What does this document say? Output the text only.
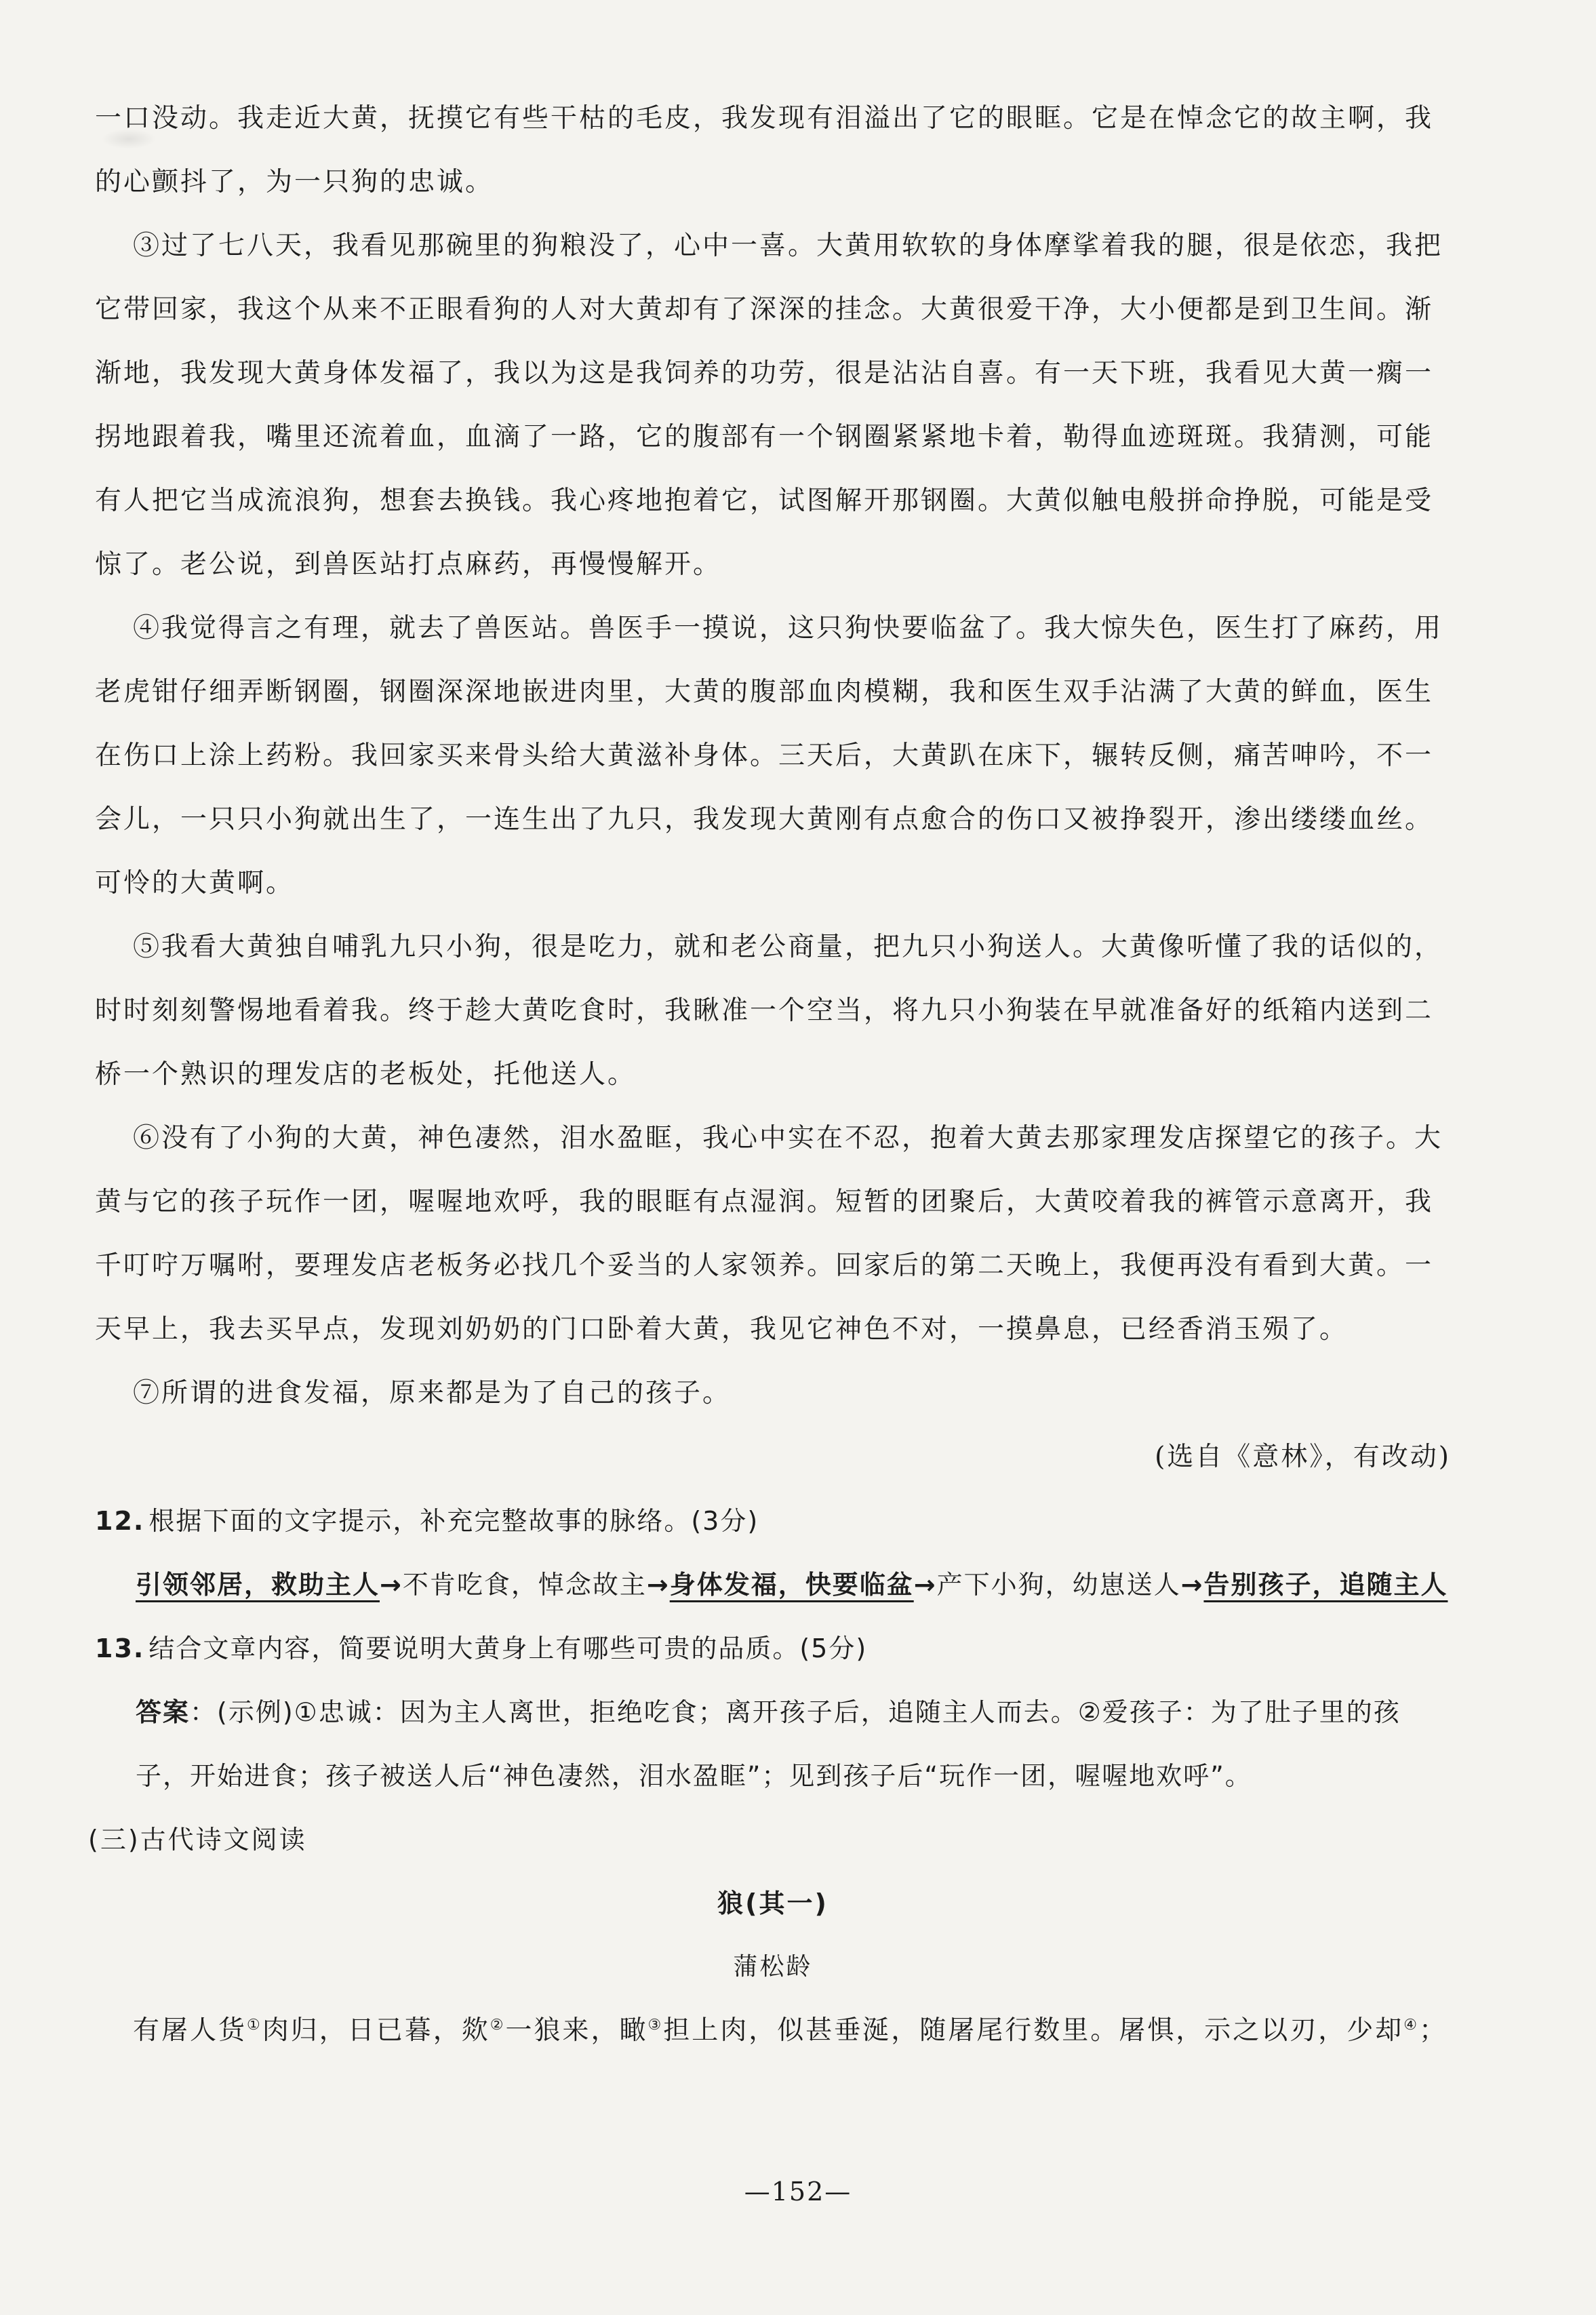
一口没动。我走近大黄，抚摸它有些干枯的毛皮，我发现有泪溢出了它的眼眶。它是在悼念它的故主啊，我的心颤抖了，为一只狗的忠诚。

③过了七八天，我看见那碗里的狗粮没了，心中一喜。大黄用软软的身体摩挲着我的腿，很是依恋，我把它带回家，我这个从来不正眼看狗的人对大黄却有了深深的挂念。大黄很爱干净，大小便都是到卫生间。渐渐地，我发现大黄身体发福了，我以为这是我饲养的功劳，很是沾沾自喜。有一天下班，我看见大黄一瘸一拐地跟着我，嘴里还流着血，血滴了一路，它的腹部有一个钢圈紧紧地卡着，勒得血迹斑斑。我猜测，可能有人把它当成流浪狗，想套去换钱。我心疼地抱着它，试图解开那钢圈。大黄似触电般拼命挣脱，可能是受惊了。老公说，到兽医站打点麻药，再慢慢解开。

④我觉得言之有理，就去了兽医站。兽医手一摸说，这只狗快要临盆了。我大惊失色，医生打了麻药，用老虎钳仔细弄断钢圈，钢圈深深地嵌进肉里，大黄的腹部血肉模糊，我和医生双手沾满了大黄的鲜血，医生在伤口上涂上药粉。我回家买来骨头给大黄滋补身体。三天后，大黄趴在床下，辗转反侧，痛苦呻吟，不一会儿，一只只小狗就出生了，一连生出了九只，我发现大黄刚有点愈合的伤口又被挣裂开，渗出缕缕血丝。可怜的大黄啊。

⑤我看大黄独自哺乳九只小狗，很是吃力，就和老公商量，把九只小狗送人。大黄像听懂了我的话似的，时时刻刻警惕地看着我。终于趁大黄吃食时，我瞅准一个空当，将九只小狗装在早就准备好的纸箱内送到二桥一个熟识的理发店的老板处，托他送人。

⑥没有了小狗的大黄，神色凄然，泪水盈眶，我心中实在不忍，抱着大黄去那家理发店探望它的孩子。大黄与它的孩子玩作一团，喔喔地欢呼，我的眼眶有点湿润。短暂的团聚后，大黄咬着我的裤管示意离开，我千叮咛万嘱咐，要理发店老板务必找几个妥当的人家领养。回家后的第二天晚上，我便再没有看到大黄。一天早上，我去买早点，发现刘奶奶的门口卧着大黄，我见它神色不对，一摸鼻息，已经香消玉殒了。

⑦所谓的进食发福，原来都是为了自己的孩子。

(选自《意林》，有改动)

12. 根据下面的文字提示，补充完整故事的脉络。(3分)

引领邻居，救助主人→不肯吃食，悼念故主→身体发福，快要临盆→产下小狗，幼崽送人→告别孩子，追随主人

13. 结合文章内容，简要说明大黄身上有哪些可贵的品质。(5分)

答案：(示例)①忠诚：因为主人离世，拒绝吃食；离开孩子后，追随主人而去。②爱孩子：为了肚子里的孩子，开始进食；孩子被送人后“神色凄然，泪水盈眶”；见到孩子后“玩作一团，喔喔地欢呼”。

(三)古代诗文阅读

狼(其一)

蒲松龄

有屠人货①肉归，日已暮，欻②一狼来，瞰③担上肉，似甚垂涎，随屠尾行数里。屠惧，示之以刃，少却④；

—152—
